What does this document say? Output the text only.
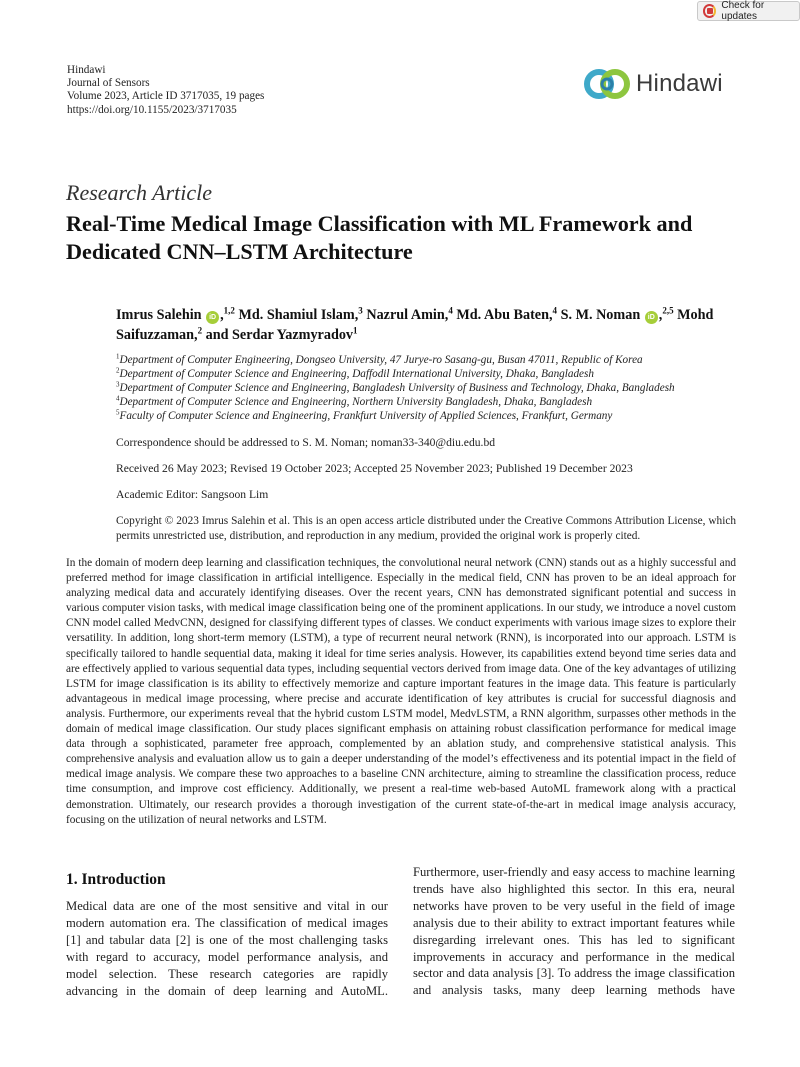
Check for updates
Hindawi
Journal of Sensors
Volume 2023, Article ID 3717035, 19 pages
https://doi.org/10.1155/2023/3717035
Hindawi
Research Article
Real-Time Medical Image Classification with ML Framework and Dedicated CNN–LSTM Architecture
Imrus Salehin iD ,$^{1,2}$ Md. Shamiul Islam,$^3$ Nazrul Amin,$^4$ Md. Abu Baten,$^4$ S. M. Noman iD ,$^{2,5}$ Mohd Saifuzzaman,$^2$ and Serdar Yazmyradov$^1$
$^1$Department of Computer Engineering, Dongseo University, 47 Jurye-ro Sasang-gu, Busan 47011, Republic of Korea
$^2$Department of Computer Science and Engineering, Daffodil International University, Dhaka, Bangladesh
$^3$Department of Computer Science and Engineering, Bangladesh University of Business and Technology, Dhaka, Bangladesh
$^4$Department of Computer Science and Engineering, Northern University Bangladesh, Dhaka, Bangladesh
$^5$Faculty of Computer Science and Engineering, Frankfurt University of Applied Sciences, Frankfurt, Germany
Correspondence should be addressed to S. M. Noman; noman33-340@diu.edu.bd
Received 26 May 2023; Revised 19 October 2023; Accepted 25 November 2023; Published 19 December 2023
Academic Editor: Sangsoon Lim
Copyright © 2023 Imrus Salehin et al. This is an open access article distributed under the Creative Commons Attribution License, which permits unrestricted use, distribution, and reproduction in any medium, provided the original work is properly cited.
In the domain of modern deep learning and classification techniques, the convolutional neural network (CNN) stands out as a highly successful and preferred method for image classification in artificial intelligence. Especially in the medical field, CNN has proven to be an ideal approach for analyzing medical data and accurately identifying diseases. Over the recent years, CNN has demonstrated significant potential and success in various computer vision tasks, with medical image classification being one of the prominent applications. In our study, we introduce a novel custom CNN model called MedvCNN, designed for classifying different types of classes. We conduct experiments with various image sizes to explore their versatility. In addition, long short-term memory (LSTM), a type of recurrent neural network (RNN), is incorporated into our approach. LSTM is specifically tailored to handle sequential data, making it ideal for time series analysis. However, its capabilities extend beyond time series data and are effectively applied to various sequential data types, including sequential vectors derived from image data. One of the key advantages of utilizing LSTM for image classification is its ability to effectively memorize and capture important features in the image data. This feature is particularly advantageous in medical image processing, where precise and accurate identification of key attributes is crucial for successful diagnosis and analysis. Furthermore, our experiments reveal that the hybrid custom LSTM model, MedvLSTM, a RNN algorithm, surpasses other methods in the domain of medical image classification. Our study places significant emphasis on attaining robust classification performance for medical image data through a sophisticated, parameter free approach, complemented by an ablation study, and comprehensive statistical analysis. This comprehensive analysis and evaluation allow us to gain a deeper understanding of the model’s effectiveness and its potential impact in the field of medical image analysis. We compare these two approaches to a baseline CNN architecture, aiming to streamline the classification process, reduce time consumption, and improve cost efficiency. Additionally, we present a real-time web-based AutoML framework along with a practical demonstration. Ultimately, our research provides a thorough investigation of the current state-of-the-art in medical image analysis accuracy, focusing on the utilization of neural networks and LSTM.
1. Introduction
Medical data are one of the most sensitive and vital in our modern automation era. The classification of medical images [1] and tabular data [2] is one of the most challenging tasks with regard to accuracy, model performance analysis, and model selection. These research categories are rapidly advancing in the domain of deep learning and AutoML.
Furthermore, user-friendly and easy access to machine learning trends have also highlighted this sector. In this era, neural networks have proven to be very useful in the field of image analysis due to their ability to extract important features while disregarding irrelevant ones. This has led to significant improvements in accuracy and performance in the medical sector and data analysis [3]. To address the image classification and analysis tasks, many deep learning methods have
